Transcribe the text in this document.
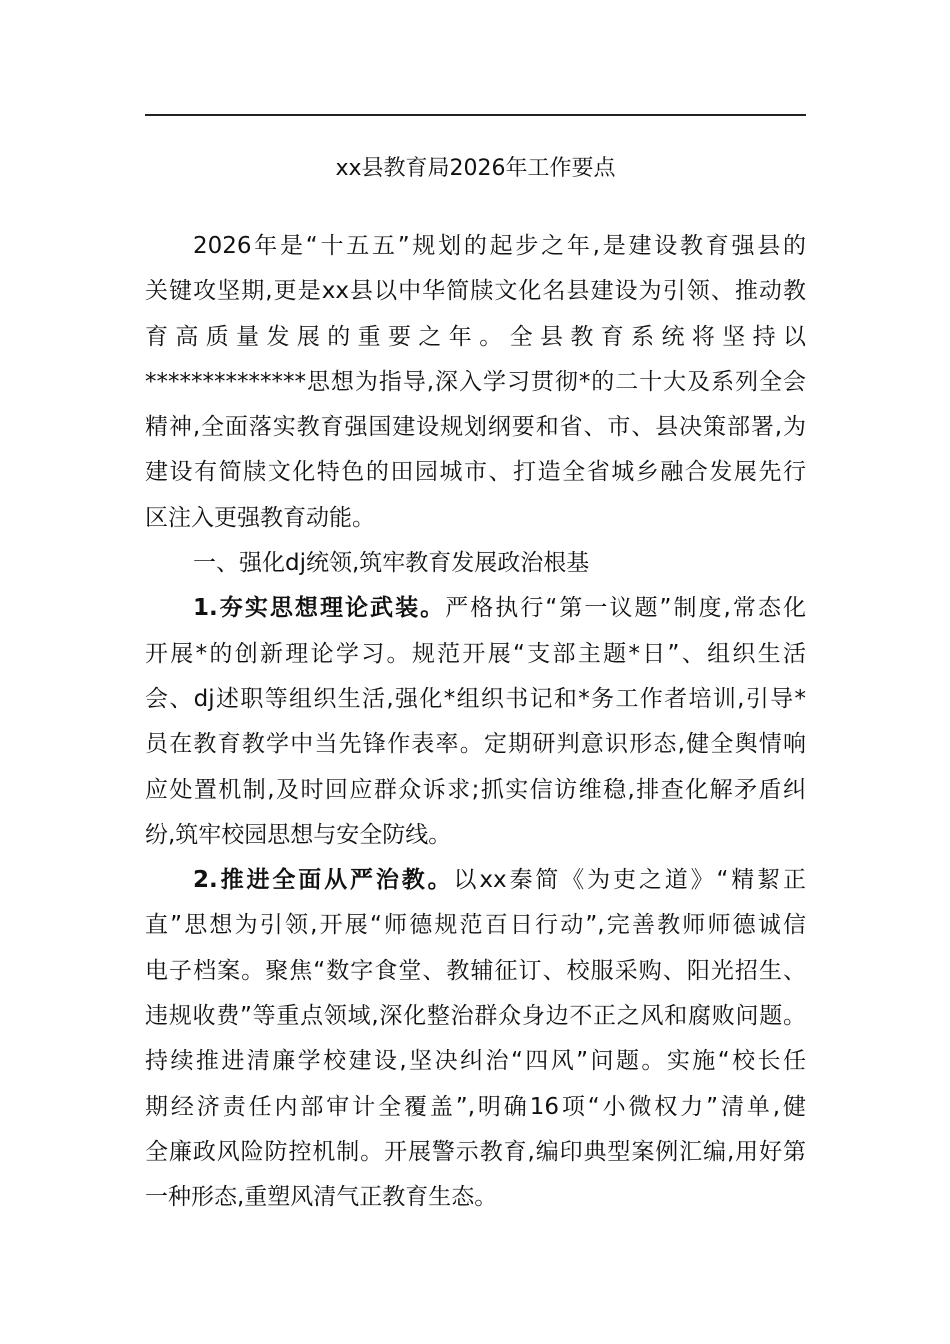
xx县教育局2026年工作要点
2026年是“十五五”规划的起步之年,是建设教育强县的
关键攻坚期,更是xx县以中华简牍文化名县建设为引领、推动教
育高质量发展的重要之年。全县教育系统将坚持以
**************思想为指导,深入学习贯彻*的二十大及系列全会
精神,全面落实教育强国建设规划纲要和省、市、县决策部署,为
建设有简牍文化特色的田园城市、打造全省城乡融合发展先行
区注入更强教育动能。
一、强化dj统领,筑牢教育发展政治根基
1.夯实思想理论武装。严格执行“第一议题”制度,常态化
开展*的创新理论学习。规范开展“支部主题*日”、组织生活
会、dj述职等组织生活,强化*组织书记和*务工作者培训,引导*
员在教育教学中当先锋作表率。定期研判意识形态,健全舆情响
应处置机制,及时回应群众诉求;抓实信访维稳,排查化解矛盾纠
纷,筑牢校园思想与安全防线。
2.推进全面从严治教。以xx秦简《为吏之道》“精絜正
直”思想为引领,开展“师德规范百日行动”,完善教师师德诚信
电子档案。聚焦“数字食堂、教辅征订、校服采购、阳光招生、
违规收费”等重点领域,深化整治群众身边不正之风和腐败问题。
持续推进清廉学校建设,坚决纠治“四风”问题。实施“校长任
期经济责任内部审计全覆盖”,明确16项“小微权力”清单,健
全廉政风险防控机制。开展警示教育,编印典型案例汇编,用好第
一种形态,重塑风清气正教育生态。
